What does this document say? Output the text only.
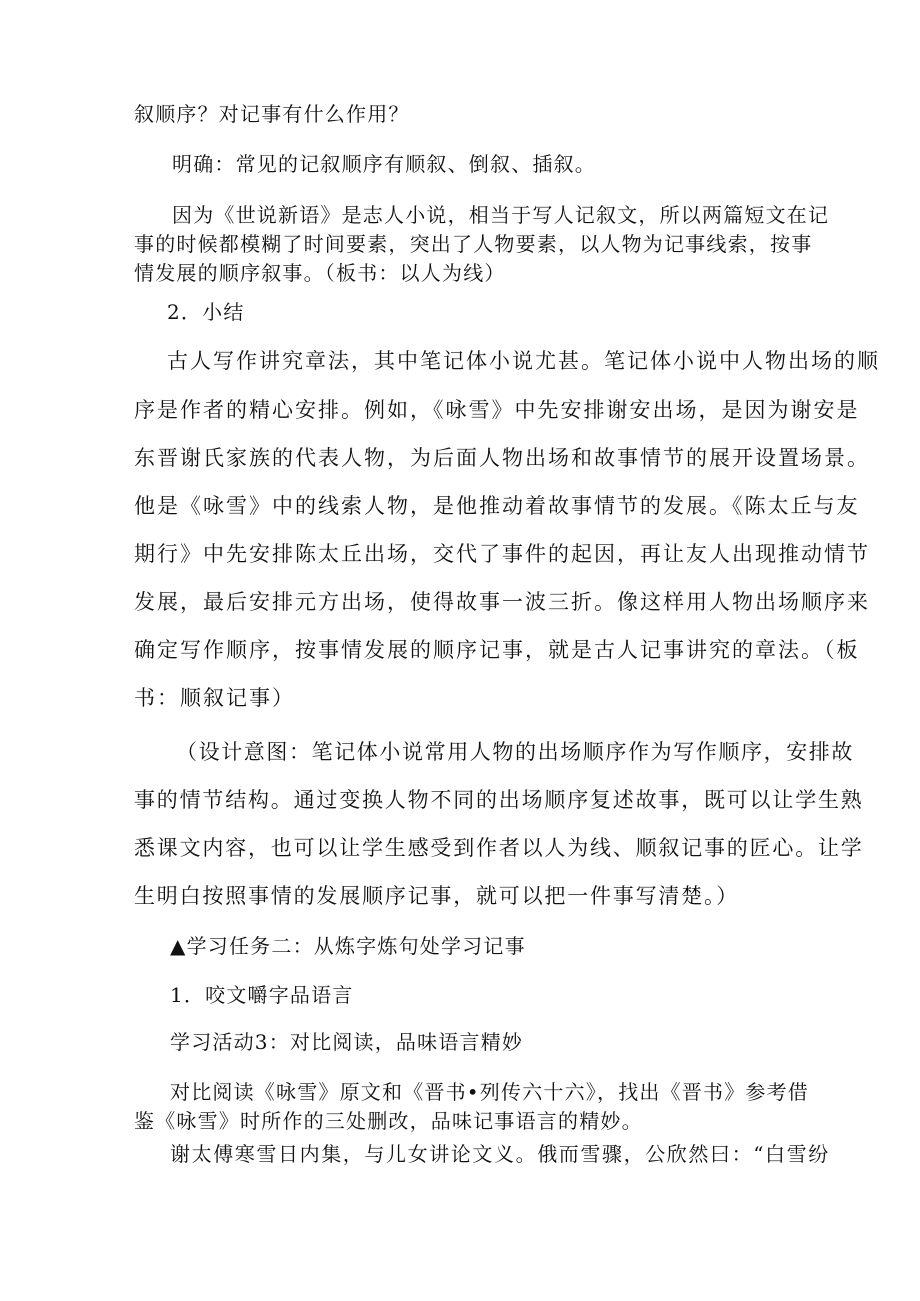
叙顺序？对记事有什么作用？

明确：常见的记叙顺序有顺叙、倒叙、插叙。

因为《世说新语》是志人小说，相当于写人记叙文，所以两篇短文在记

事的时候都模糊了时间要素，突出了人物要素，以人物为记事线索，按事

情发展的顺序叙事。（板书：以人为线）

2．小结

古人写作讲究章法，其中笔记体小说尤甚。笔记体小说中人物出场的顺

序是作者的精心安排。例如，《咏雪》中先安排谢安出场，是因为谢安是

东晋谢氏家族的代表人物，为后面人物出场和故事情节的展开设置场景。

他是《咏雪》中的线索人物，是他推动着故事情节的发展。《陈太丘与友

期行》中先安排陈太丘出场，交代了事件的起因，再让友人出现推动情节

发展，最后安排元方出场，使得故事一波三折。像这样用人物出场顺序来

确定写作顺序，按事情发展的顺序记事，就是古人记事讲究的章法。（板

书：顺叙记事）

（设计意图：笔记体小说常用人物的出场顺序作为写作顺序，安排故

事的情节结构。通过变换人物不同的出场顺序复述故事，既可以让学生熟

悉课文内容，也可以让学生感受到作者以人为线、顺叙记事的匠心。让学

生明白按照事情的发展顺序记事，就可以把一件事写清楚。）

▲学习任务二：从炼字炼句处学习记事

1．咬文嚼字品语言

学习活动3：对比阅读，品味语言精妙

对比阅读《咏雪》原文和《晋书•列传六十六》，找出《晋书》参考借

鉴《咏雪》时所作的三处删改，品味记事语言的精妙。

谢太傅寒雪日内集，与儿女讲论文义。俄而雪骤，公欣然曰：“白雪纷
